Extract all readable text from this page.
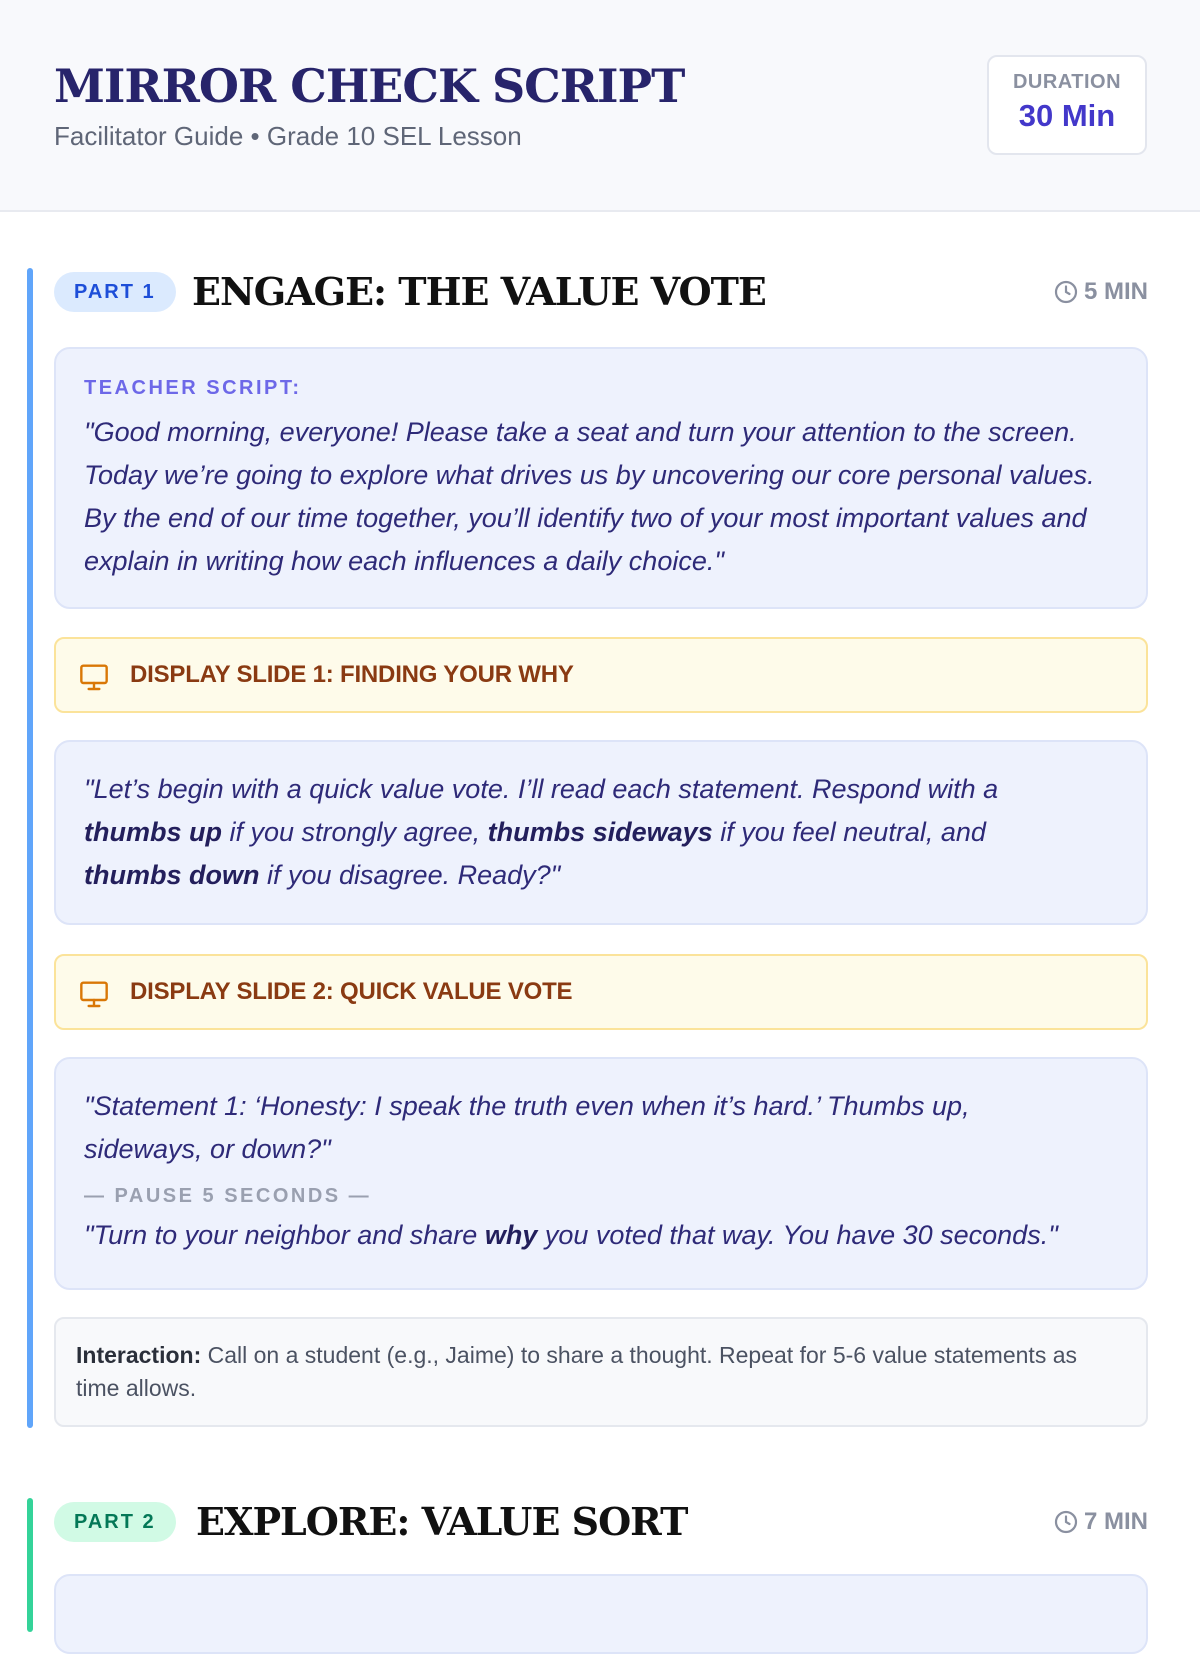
MIRROR CHECK SCRIPT
Facilitator Guide • Grade 10 SEL Lesson
DURATION
30 Min
PART 1 ENGAGE: THE VALUE VOTE	5 MIN
TEACHER SCRIPT:

"Good morning, everyone! Please take a seat and turn your attention to the screen. Today we’re going to explore what drives us by uncovering our core personal values. By the end of our time together, you’ll identify two of your most important values and explain in writing how each influences a daily choice."

DISPLAY SLIDE 1: FINDING YOUR WHY

"Let’s begin with a quick value vote. I’ll read each statement. Respond with a thumbs up if you strongly agree, thumbs sideways if you feel neutral, and thumbs down if you disagree. Ready?"

DISPLAY SLIDE 2: QUICK VALUE VOTE

"Statement 1: ‘Honesty: I speak the truth even when it’s hard.’ Thumbs up, sideways, or down?"

— PAUSE 5 SECONDS —

"Turn to your neighbor and share why you voted that way. You have 30 seconds."

Interaction: Call on a student (e.g., Jaime) to share a thought. Repeat for 5-6 value statements as time allows.

PART 2	EXPLORE: VALUE SORT	7 MIN
